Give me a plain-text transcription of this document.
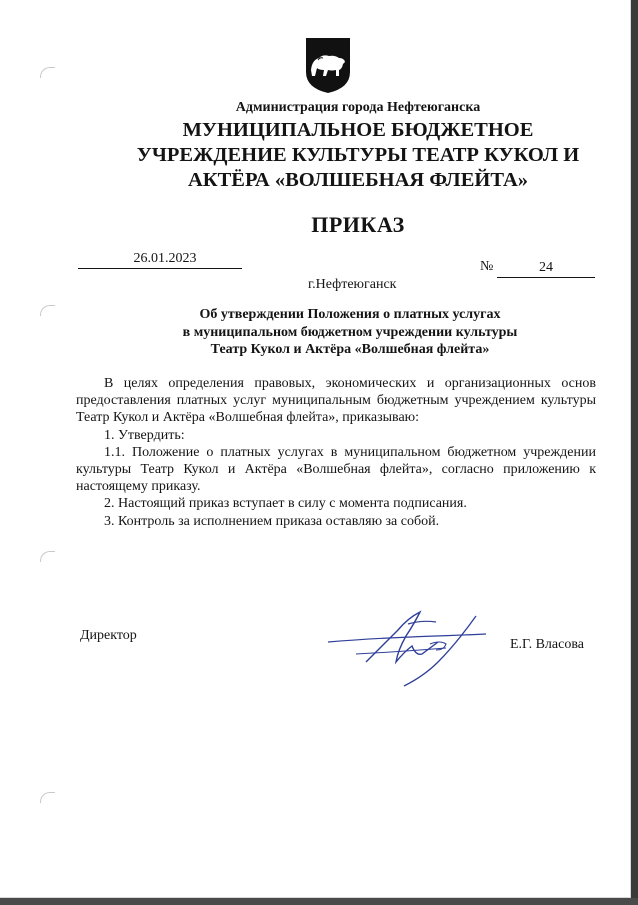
Администрация города Нефтеюганска
МУНИЦИПАЛЬНОЕ БЮДЖЕТНОЕ
УЧРЕЖДЕНИЕ КУЛЬТУРЫ ТЕАТР КУКОЛ И
АКТЁРА «ВОЛШЕБНАЯ ФЛЕЙТА»
ПРИКАЗ
26.01.2023
№	24
г.Нефтеюганск
Об утверждении Положения о платных услугах
в муниципальном бюджетном учреждении культуры
Театр Кукол и Актёра «Волшебная флейта»

В целях определения правовых, экономических и организационных основ предоставления платных услуг муниципальным бюджетным учреждением культуры Театр Кукол и Актёра «Волшебная флейта», приказываю:

1. Утвердить:

1.1. Положение о платных услугах в муниципальном бюджетном учреждении культуры Театр Кукол и Актёра «Волшебная флейта», согласно приложению к настоящему приказу.

2. Настоящий приказ вступает в силу с момента подписания.

3. Контроль за исполнением приказа оставляю за собой.

Директор
Е.Г. Власова
